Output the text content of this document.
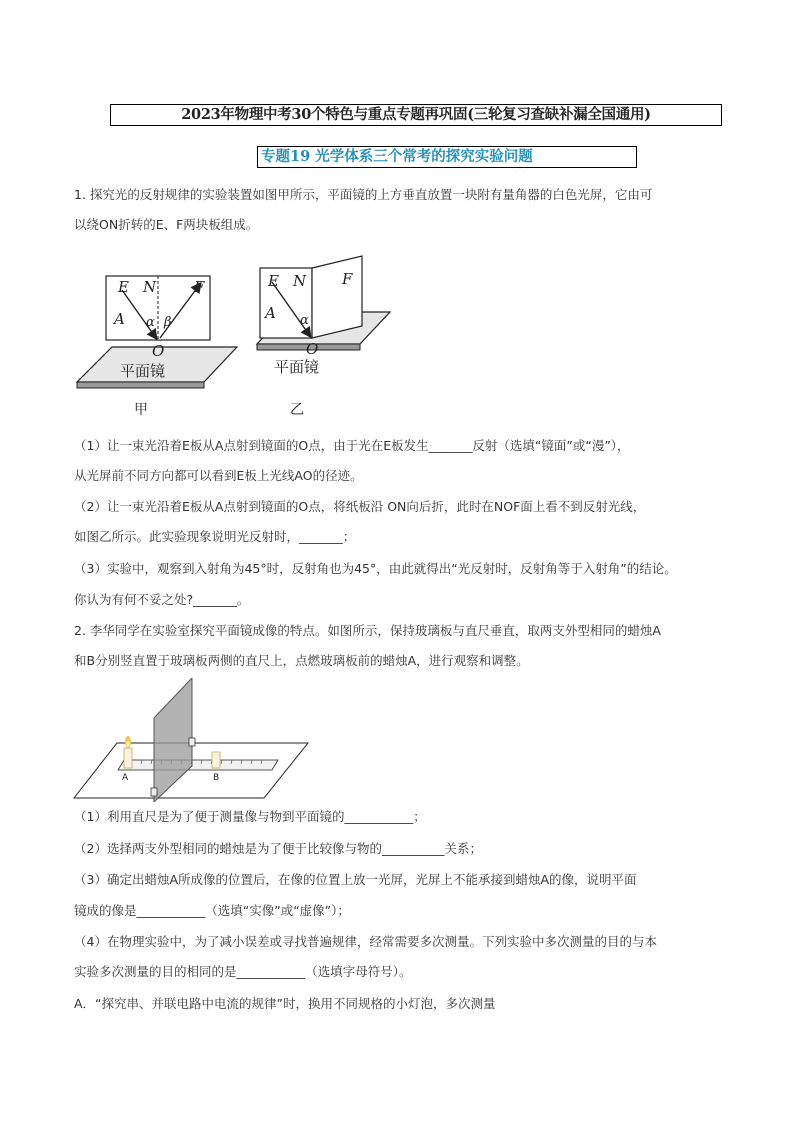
2023年物理中考30个特色与重点专题再巩固(三轮复习查缺补漏全国通用)
专题19 光学体系三个常考的探究实验问题
1. 探究光的反射规律的实验装置如图甲所示，平面镜的上方垂直放置一块附有量角器的白色光屏，它由可
以绕ON折转的E、F两块板组成。
E N	F
A α β
O
平面镜
甲
E N F
A α
O
平面镜
乙
（1）让一束光沿着E板从A点射到镜面的O点，由于光在E板发生_______反射（选填“镜面”或“漫”），
从光屏前不同方向都可以看到E板上光线AO的径迹。
（2）让一束光沿着E板从A点射到镜面的O点，将纸板沿 ON向后折，此时在NOF面上看不到反射光线，
如图乙所示。此实验现象说明光反射时，_______；
（3）实验中，观察到入射角为45°时，反射角也为45°，由此就得出“光反射时，反射角等于入射角”的结论。
你认为有何不妥之处?_______。
2. 李华同学在实验室探究平面镜成像的特点。如图所示，保持玻璃板与直尺垂直，取两支外型相同的蜡烛A
和B分别竖直置于玻璃板两侧的直尺上，点燃玻璃板前的蜡烛A，进行观察和调整。
A	B
（1）利用直尺是为了便于测量像与物到平面镜的___________；
（2）选择两支外型相同的蜡烛是为了便于比较像与物的__________关系；
（3）确定出蜡烛A所成像的位置后，在像的位置上放一光屏，光屏上不能承接到蜡烛A的像，说明平面
镜成的像是___________（选填“实像”或“虚像”）；
（4）在物理实验中，为了减小误差或寻找普遍规律，经常需要多次测量。下列实验中多次测量的目的与本
实验多次测量的目的相同的是___________（选填字母符号）。
A．“探究串、并联电路中电流的规律”时，换用不同规格的小灯泡，多次测量
